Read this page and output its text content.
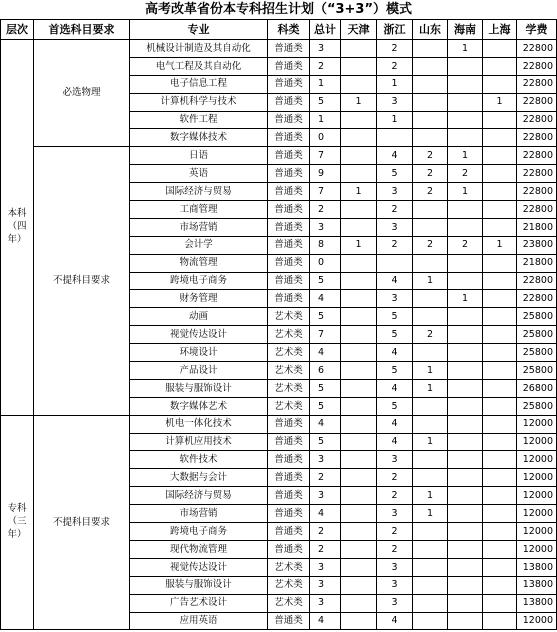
高考改革省份本专科招生计划（“3+3”）模式
层次	首选科目要求	专业	科类	总计	天津	浙江	山东	海南	上海	学费
本科（四年）	必选物理	机械设计制造及其自动化	普通类	3		2		1		22800
		电气工程及其自动化	普通类	2		2				22800
		电子信息工程	普通类	1		1				22800
		计算机科学与技术	普通类	5	1	3			1	22800
		软件工程	普通类	1		1				22800
		数字媒体技术	普通类	0						22800
	不提科目要求	日语	普通类	7		4	2	1		22800
		英语	普通类	9		5	2	2		22800
		国际经济与贸易	普通类	7	1	3	2	1		22800
		工商管理	普通类	2		2				22800
		市场营销	普通类	3		3				21800
		会计学	普通类	8	1	2	2	2	1	23800
		物流管理	普通类	0						21800
		跨境电子商务	普通类	5		4	1			22800
		财务管理	普通类	4		3		1		22800
		动画	艺术类	5		5				25800
		视觉传达设计	艺术类	7		5	2			25800
		环境设计	艺术类	4		4				25800
		产品设计	艺术类	6		5	1			25800
		服装与服饰设计	艺术类	5		4	1			26800
		数字媒体艺术	艺术类	5		5				25800
专科（三年）	不提科目要求	机电一体化技术	普通类	4		4				12000
		计算机应用技术	普通类	5		4	1			12000
		软件技术	普通类	3		3				12000
		大数据与会计	普通类	2		2				12000
		国际经济与贸易	普通类	3		2	1			12000
		市场营销	普通类	4		3	1			12000
		跨境电子商务	普通类	2		2				12000
		现代物流管理	普通类	2		2				12000
		视觉传达设计	艺术类	3		3				13800
		服装与服饰设计	艺术类	3		3				13800
		广告艺术设计	艺术类	3		3				13800
		应用英语	普通类	4		4				12000
